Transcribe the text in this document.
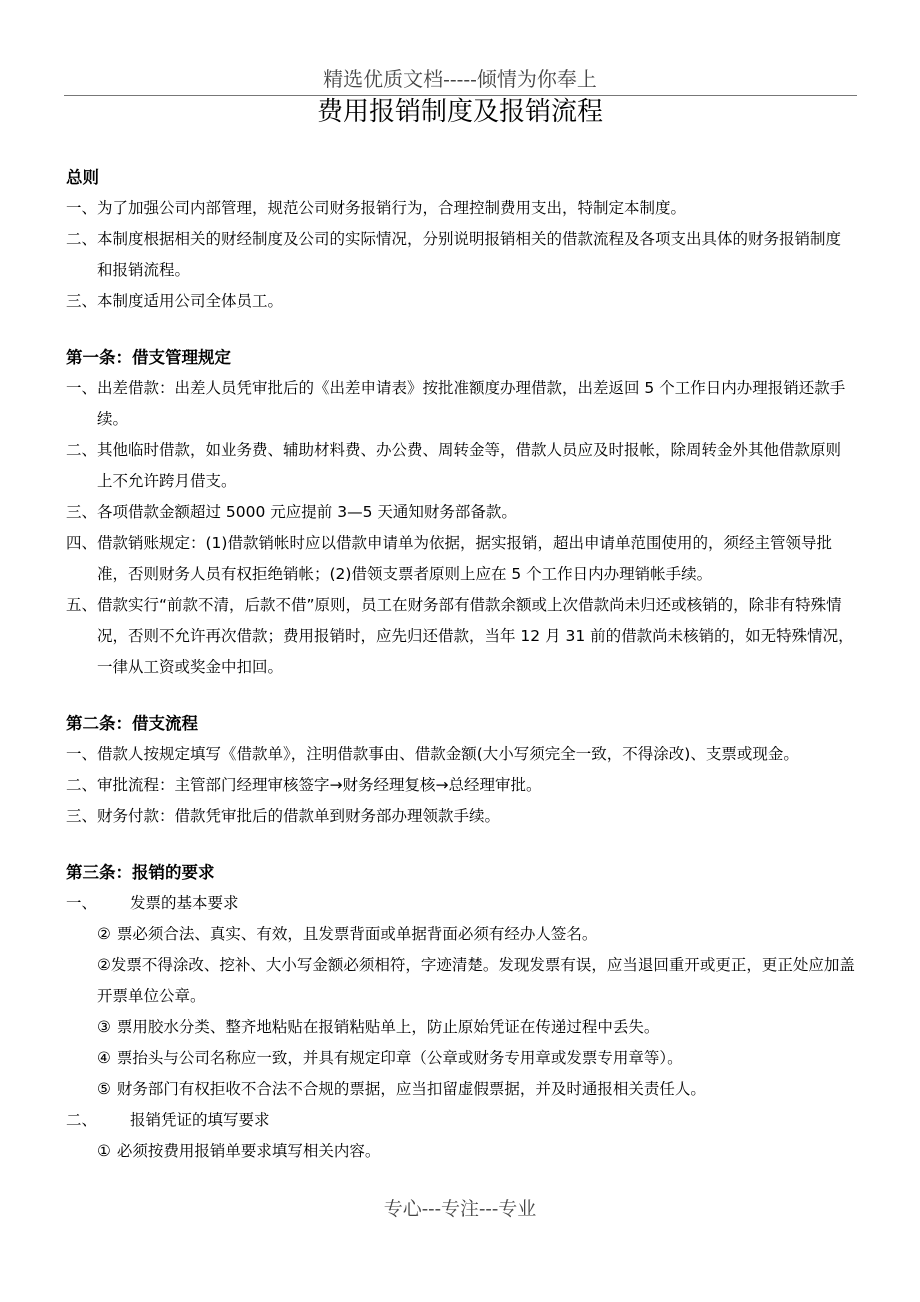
精选优质文档-----倾情为你奉上
费用报销制度及报销流程

总则

一、为了加强公司内部管理，规范公司财务报销行为，合理控制费用支出，特制定本制度。

二、本制度根据相关的财经制度及公司的实际情况，分别说明报销相关的借款流程及各项支出具体的财务报销制度和报销流程。

三、本制度适用公司全体员工。

第一条：借支管理规定

一、出差借款：出差人员凭审批后的《出差申请表》按批准额度办理借款，出差返回 5 个工作日内办理报销还款手续。

二、其他临时借款，如业务费、辅助材料费、办公费、周转金等，借款人员应及时报帐，除周转金外其他借款原则上不允许跨月借支。

三、各项借款金额超过 5000 元应提前 3—5 天通知财务部备款。

四、借款销账规定：(1)借款销帐时应以借款申请单为依据，据实报销，超出申请单范围使用的，须经主管领导批准，否则财务人员有权拒绝销帐；(2)借领支票者原则上应在 5 个工作日内办理销帐手续。

五、借款实行“前款不清，后款不借”原则，员工在财务部有借款余额或上次借款尚未归还或核销的，除非有特殊情况，否则不允许再次借款；费用报销时，应先归还借款，当年 12 月 31 前的借款尚未核销的，如无特殊情况，一律从工资或奖金中扣回。

第二条：借支流程

一、借款人按规定填写《借款单》，注明借款事由、借款金额(大小写须完全一致，不得涂改)、支票或现金。

二、审批流程：主管部门经理审核签字→财务经理复核→总经理审批。

三、财务付款：借款凭审批后的借款单到财务部办理领款手续。

第三条：报销的要求

一、	发票的基本要求

② 票必须合法、真实、有效，且发票背面或单据背面必须有经办人签名。

②发票不得涂改、挖补、大小写金额必须相符，字迹清楚。发现发票有误，应当退回重开或更正，更正处应加盖开票单位公章。

③ 票用胶水分类、整齐地粘贴在报销粘贴单上，防止原始凭证在传递过程中丢失。

④ 票抬头与公司名称应一致，并具有规定印章（公章或财务专用章或发票专用章等）。

⑤ 财务部门有权拒收不合法不合规的票据，应当扣留虚假票据，并及时通报相关责任人。

二、	报销凭证的填写要求

① 必须按费用报销单要求填写相关内容。

专心---专注---专业
